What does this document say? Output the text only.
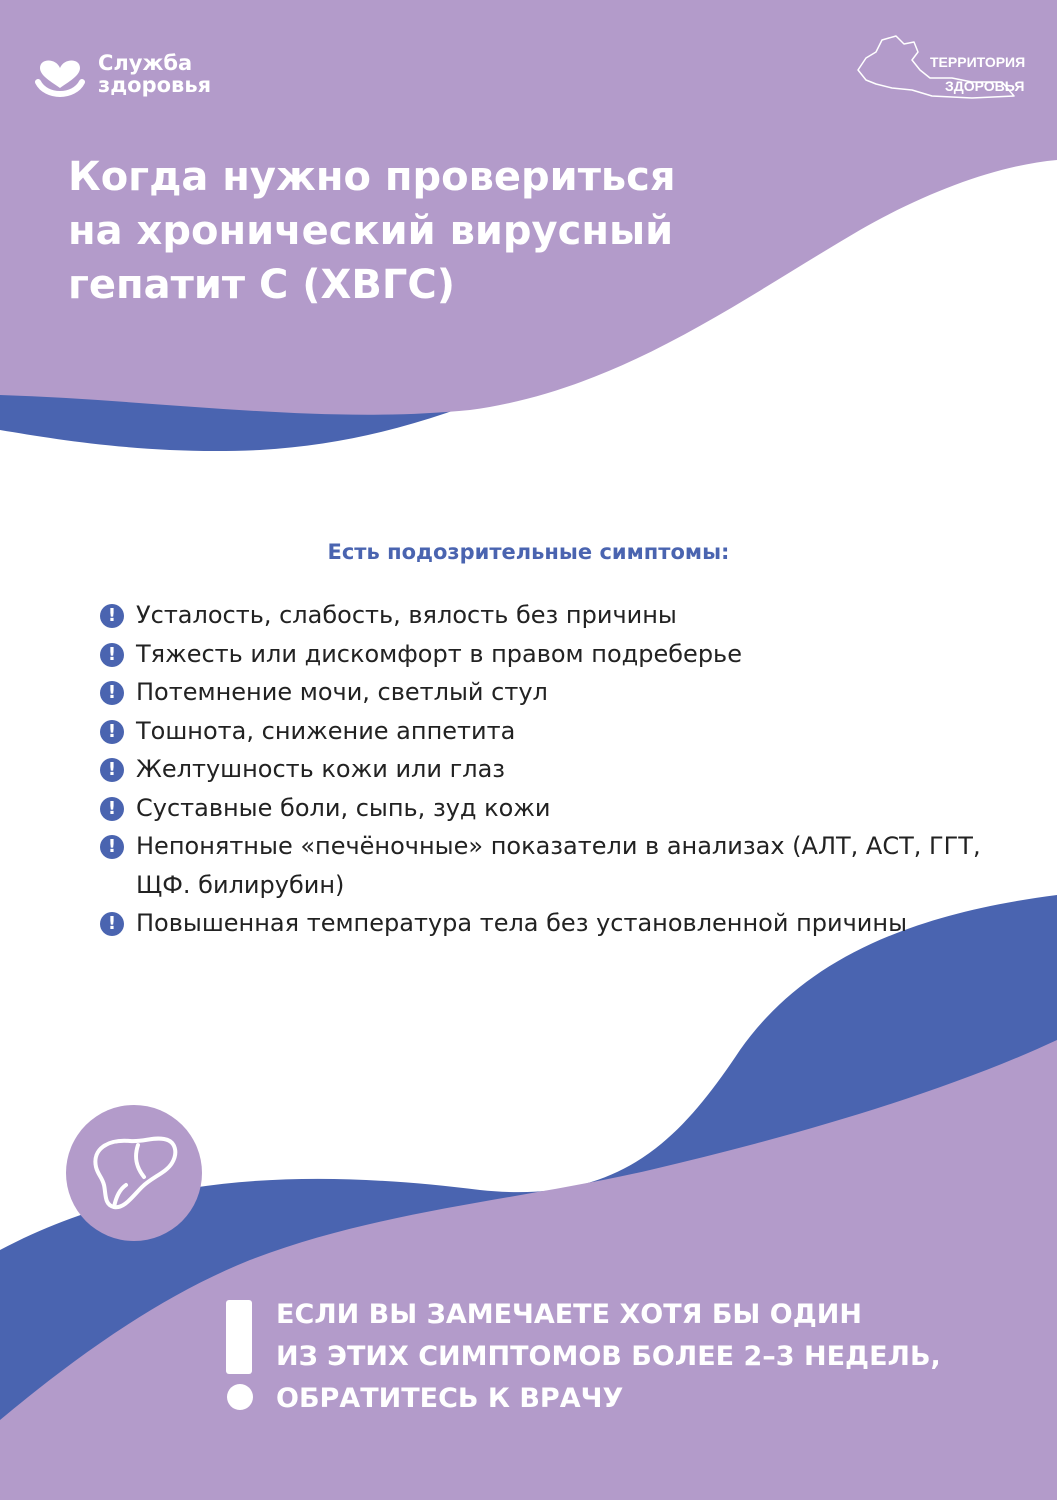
Служба
здоровья
ТЕРРИТОРИЯ
ЗДОРОВЬЯ
Когда нужно провериться
на хронический вирусный
гепатит С (ХВГС)
Есть подозрительные симптомы:
! Усталость, слабость, вялость без причины
! Тяжесть или дискомфорт в правом подреберье
! Потемнение мочи, светлый стул
! Тошнота, снижение аппетита
! Желтушность кожи или глаз
! Суставные боли, сыпь, зуд кожи
! Непонятные «печёночные» показатели в анализах (АЛТ, АСТ, ГГТ, ЩФ. билирубин)
! Повышенная температура тела без установленной причины
ЕСЛИ ВЫ ЗАМЕЧАЕТЕ ХОТЯ БЫ ОДИН
ИЗ ЭТИХ СИМПТОМОВ БОЛЕЕ 2–3 НЕДЕЛЬ,
ОБРАТИТЕСЬ К ВРАЧУ
